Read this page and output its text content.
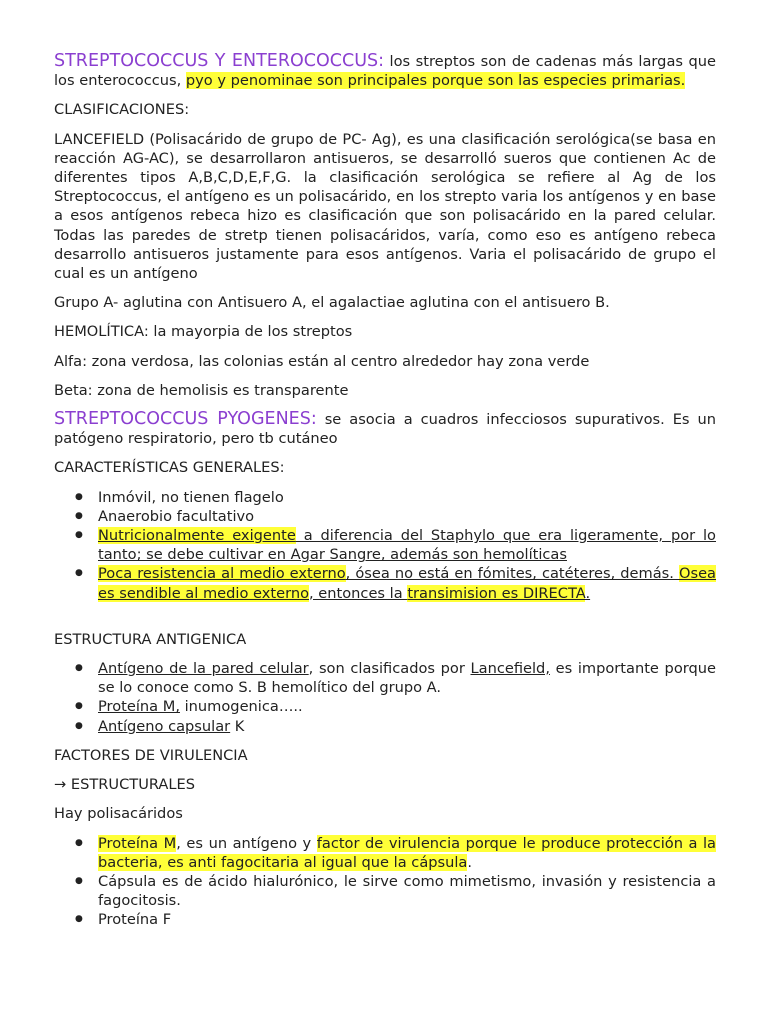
STREPTOCOCCUS Y ENTEROCOCCUS: los streptos son de cadenas más largas que los enterococcus, pyo y penominae son principales porque son las especies primarias.

CLASIFICACIONES:

LANCEFIELD (Polisacárido de grupo de PC- Ag), es una clasificación serológica(se basa en reacción AG-AC), se desarrollaron antisueros, se desarrolló sueros que contienen Ac de diferentes tipos A,B,C,D,E,F,G. la clasificación serológica se refiere al Ag de los Streptococcus, el antígeno es un polisacárido, en los strepto varia los antígenos y en base a esos antígenos rebeca hizo es clasificación que son polisacárido en la pared celular. Todas las paredes de stretp tienen polisacáridos, varía, como eso es antígeno rebeca desarrollo antisueros justamente para esos antígenos. Varia el polisacárido de grupo el cual es un antígeno

Grupo A- aglutina con Antisuero A, el agalactiae aglutina con el antisuero B.

HEMOLÍTICA: la mayorpia de los streptos

Alfa: zona verdosa, las colonias están al centro alrededor hay zona verde

Beta: zona de hemolisis es transparente

STREPTOCOCCUS PYOGENES: se asocia a cuadros infecciosos supurativos. Es un patógeno respiratorio, pero tb cutáneo

CARACTERÍSTICAS GENERALES:

● Inmóvil, no tienen flagelo
● Anaerobio facultativo
● Nutricionalmente exigente a diferencia del Staphylo que era ligeramente, por lo tanto; se debe cultivar en Agar Sangre, además son hemolíticas
● Poca resistencia al medio externo, ósea no está en fómites, catéteres, demás. Osea es sendible al medio externo, entonces la transimision es DIRECTA.

ESTRUCTURA ANTIGENICA

● Antígeno de la pared celular, son clasificados por Lancefield, es importante porque se lo conoce como S. B hemolítico del grupo A.
● Proteína M, inumogenica…..
● Antígeno capsular K

FACTORES DE VIRULENCIA

→ ESTRUCTURALES

Hay polisacáridos

● Proteína M, es un antígeno y factor de virulencia porque le produce protección a la bacteria, es anti fagocitaria al igual que la cápsula.
● Cápsula es de ácido hialurónico, le sirve como mimetismo, invasión y resistencia a fagocitosis.
● Proteína F
